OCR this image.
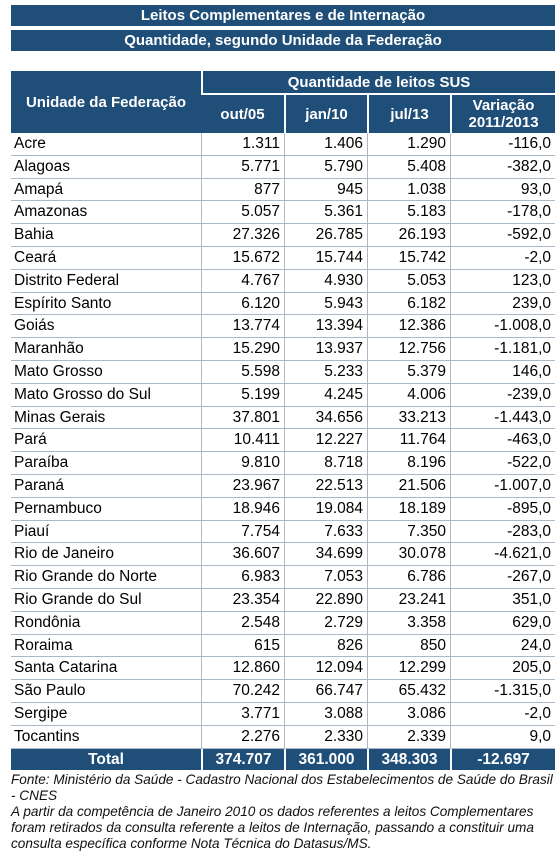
Leitos Complementares e de Internação
Quantidade, segundo Unidade da Federação
Unidade da Federação	Quantidade de leitos SUS			
	out/05	jan/10	jul/13	Variação
2011/2013
Acre	1.311	1.406	1.290	-116,0
Alagoas	5.771	5.790	5.408	-382,0
Amapá	877	945	1.038	93,0
Amazonas	5.057	5.361	5.183	-178,0
Bahia	27.326	26.785	26.193	-592,0
Ceará	15.672	15.744	15.742	-2,0
Distrito Federal	4.767	4.930	5.053	123,0
Espírito Santo	6.120	5.943	6.182	239,0
Goiás	13.774	13.394	12.386	-1.008,0
Maranhão	15.290	13.937	12.756	-1.181,0
Mato Grosso	5.598	5.233	5.379	146,0
Mato Grosso do Sul	5.199	4.245	4.006	-239,0
Minas Gerais	37.801	34.656	33.213	-1.443,0
Pará	10.411	12.227	11.764	-463,0
Paraíba	9.810	8.718	8.196	-522,0
Paraná	23.967	22.513	21.506	-1.007,0
Pernambuco	18.946	19.084	18.189	-895,0
Piauí	7.754	7.633	7.350	-283,0
Rio de Janeiro	36.607	34.699	30.078	-4.621,0
Rio Grande do Norte	6.983	7.053	6.786	-267,0
Rio Grande do Sul	23.354	22.890	23.241	351,0
Rondônia	2.548	2.729	3.358	629,0
Roraima	615	826	850	24,0
Santa Catarina	12.860	12.094	12.299	205,0
São Paulo	70.242	66.747	65.432	-1.315,0
Sergipe	3.771	3.088	3.086	-2,0
Tocantins	2.276	2.330	2.339	9,0
Total	374.707	361.000	348.303	-12.697

Fonte: Ministério da Saúde - Cadastro Nacional dos Estabelecimentos de Saúde do Brasil - CNES

A partir da competência de Janeiro 2010 os dados referentes a leitos Complementares foram retirados da consulta referente a leitos de Internação, passando a constituir uma consulta específica conforme Nota Técnica do Datasus/MS.
